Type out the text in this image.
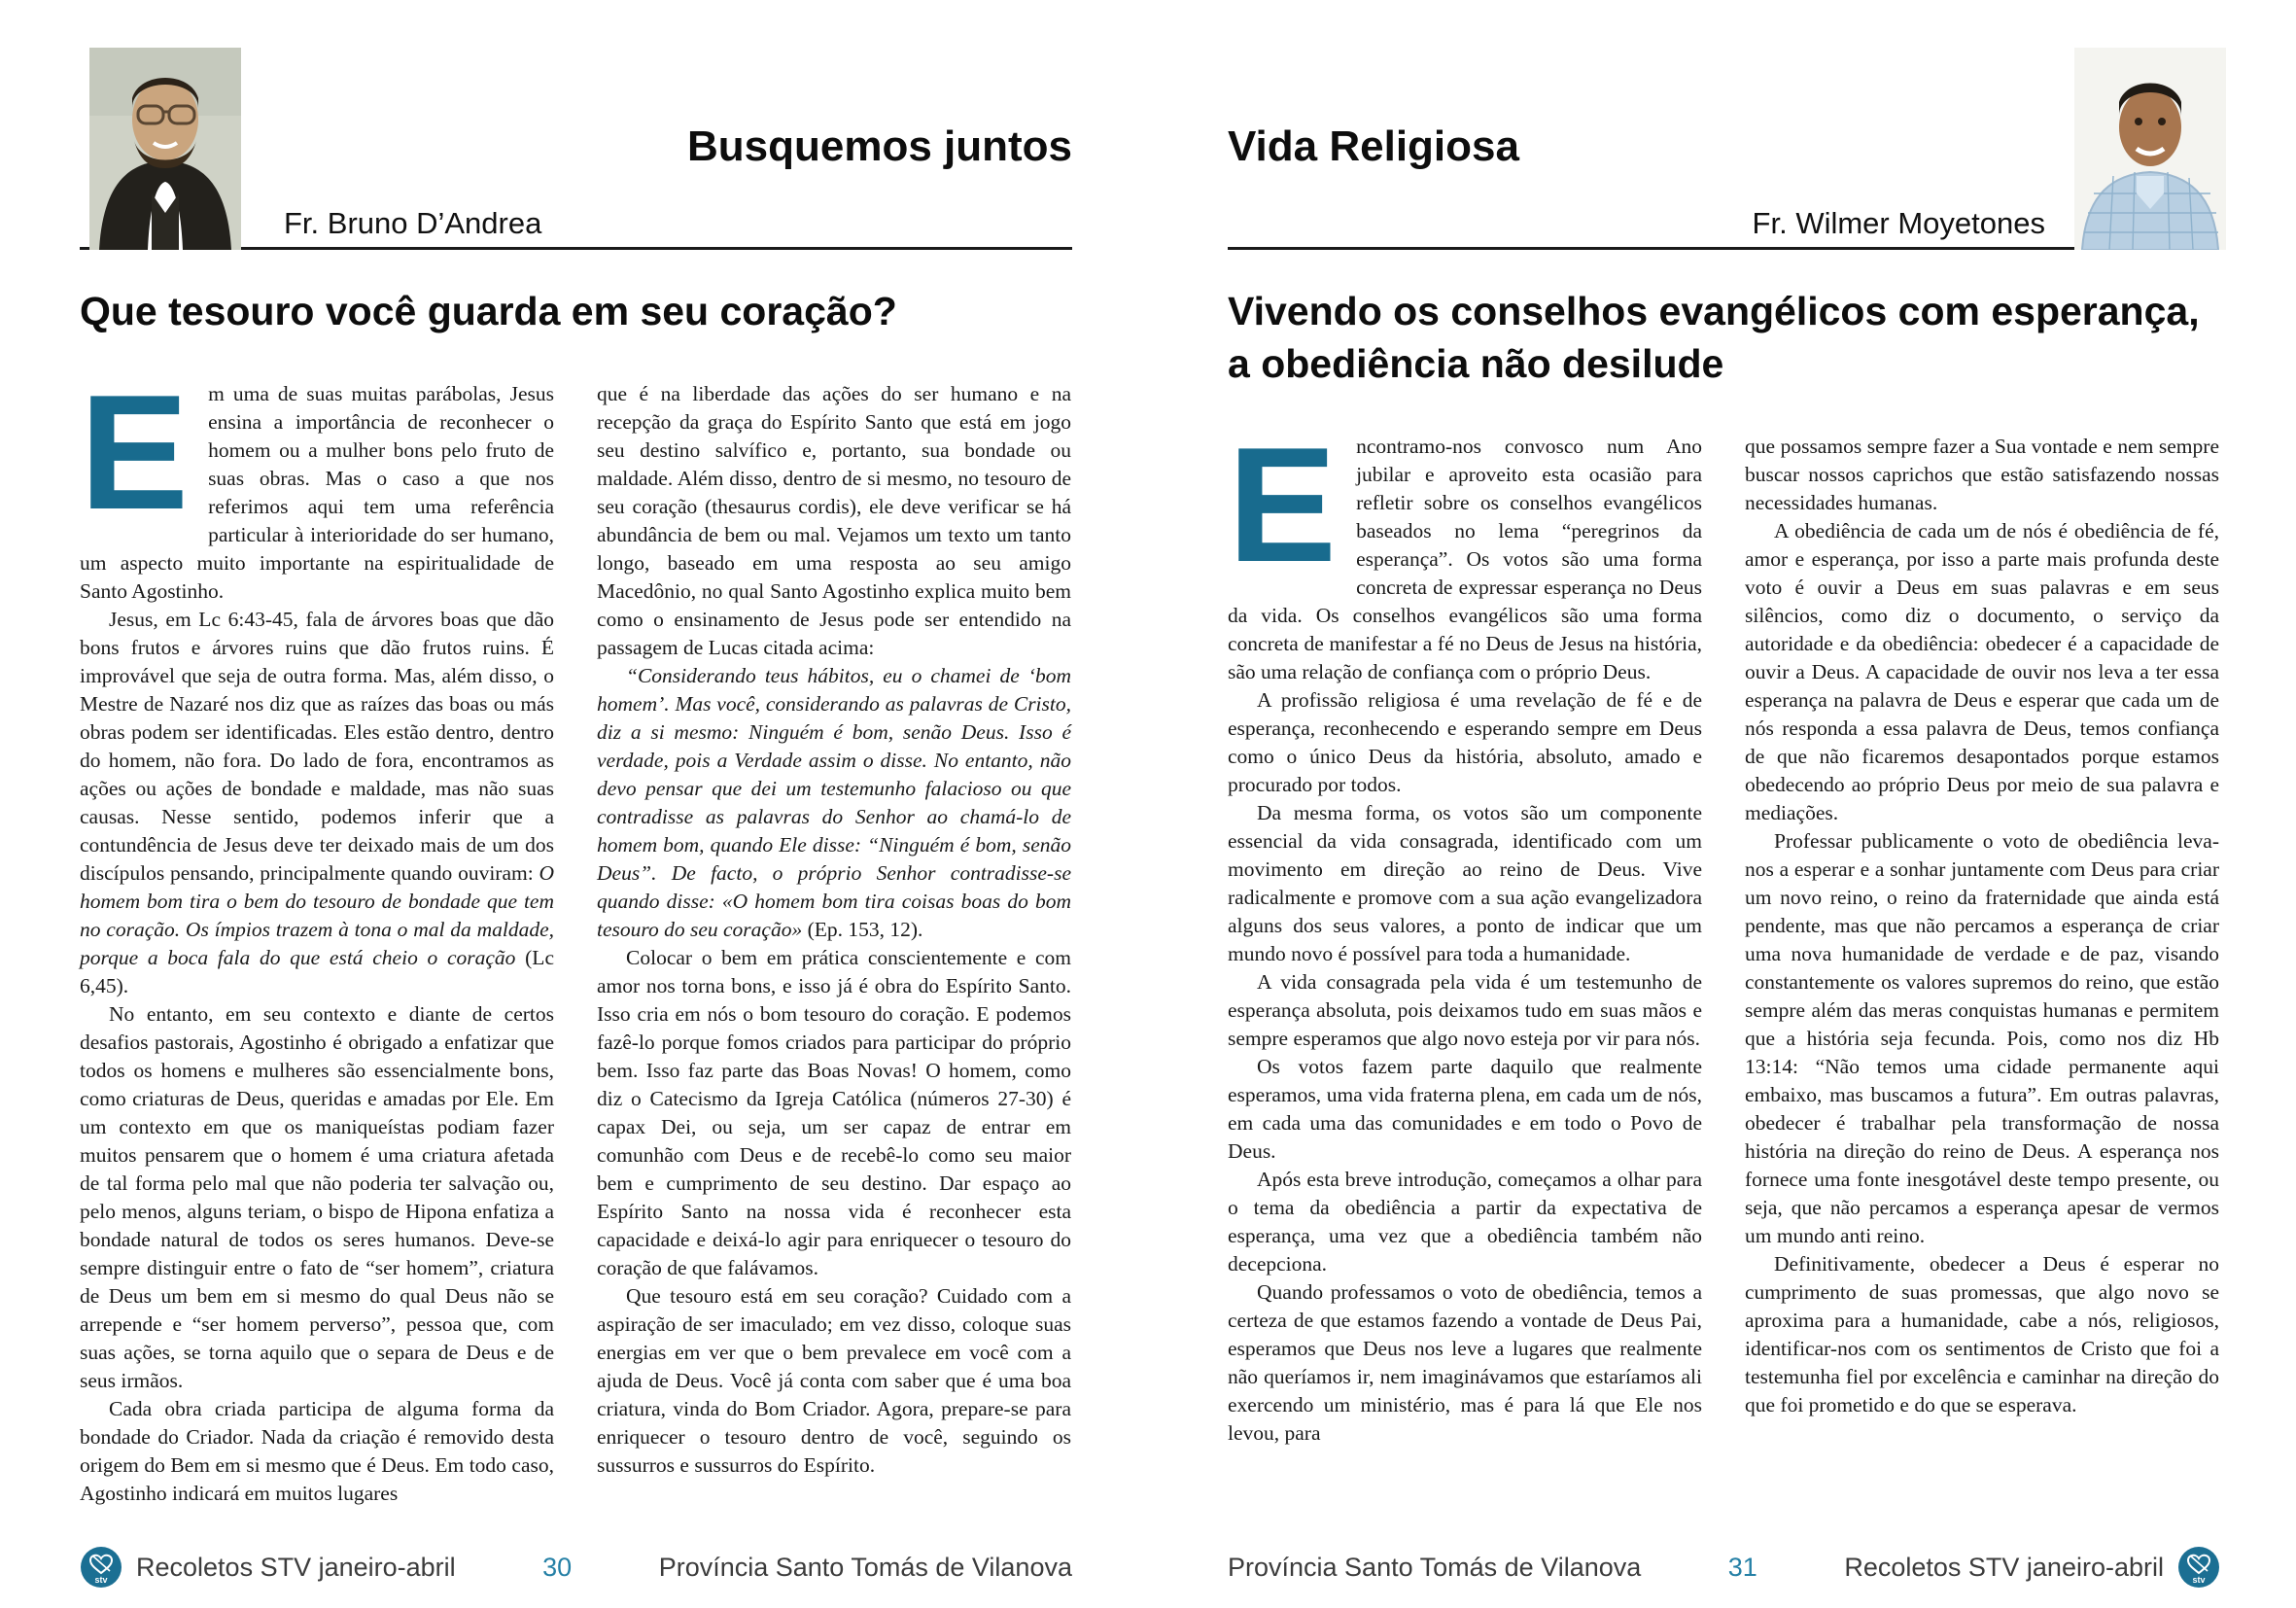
Busquemos juntos
Fr. Bruno D’Andrea
Que tesouro você guarda em seu coração?

Em uma de suas muitas parábolas, Jesus ensina a importância de reconhecer o homem ou a mulher bons pelo fruto de suas obras. Mas o caso a que nos referimos aqui tem uma referência particular à interioridade do ser humano, um aspecto muito importante na espiritualidade de Santo Agostinho.

Jesus, em Lc 6:43-45, fala de árvores boas que dão bons frutos e árvores ruins que dão frutos ruins. É improvável que seja de outra forma. Mas, além disso, o Mestre de Nazaré nos diz que as raízes das boas ou más obras podem ser identificadas. Eles estão dentro, dentro do homem, não fora. Do lado de fora, encontramos as ações ou ações de bondade e maldade, mas não suas causas. Nesse sentido, podemos inferir que a contundência de Jesus deve ter deixado mais de um dos discípulos pensando, principalmente quando ouviram: O homem bom tira o bem do tesouro de bondade que tem no coração. Os ímpios trazem à tona o mal da maldade, porque a boca fala do que está cheio o coração (Lc 6,45).

No entanto, em seu contexto e diante de certos desafios pastorais, Agostinho é obrigado a enfatizar que todos os homens e mulheres são essencialmente bons, como criaturas de Deus, queridas e amadas por Ele. Em um contexto em que os maniqueístas podiam fazer muitos pensarem que o homem é uma criatura afetada de tal forma pelo mal que não poderia ter salvação ou, pelo menos, alguns teriam, o bispo de Hipona enfatiza a bondade natural de todos os seres humanos. Deve-se sempre distinguir entre o fato de “ser homem”, criatura de Deus um bem em si mesmo do qual Deus não se arrepende e “ser homem perverso”, pessoa que, com suas ações, se torna aquilo que o separa de Deus e de seus irmãos.

Cada obra criada participa de alguma forma da bondade do Criador. Nada da criação é removido desta origem do Bem em si mesmo que é Deus. Em todo caso, Agostinho indicará em muitos lugares

que é na liberdade das ações do ser humano e na recepção da graça do Espírito Santo que está em jogo seu destino salvífico e, portanto, sua bondade ou maldade. Além disso, dentro de si mesmo, no tesouro de seu coração (thesaurus cordis), ele deve verificar se há abundância de bem ou mal. Vejamos um texto um tanto longo, baseado em uma resposta ao seu amigo Macedônio, no qual Santo Agostinho explica muito bem como o ensinamento de Jesus pode ser entendido na passagem de Lucas citada acima:

“Considerando teus hábitos, eu o chamei de ‘bom homem’. Mas você, considerando as palavras de Cristo, diz a si mesmo: Ninguém é bom, senão Deus. Isso é verdade, pois a Verdade assim o disse. No entanto, não devo pensar que dei um testemunho falacioso ou que contradisse as palavras do Senhor ao chamá-lo de homem bom, quando Ele disse: “Ninguém é bom, senão Deus”. De facto, o próprio Senhor contradisse-se quando disse: «O homem bom tira coisas boas do bom tesouro do seu coração» (Ep. 153, 12).

Colocar o bem em prática conscientemente e com amor nos torna bons, e isso já é obra do Espírito Santo. Isso cria em nós o bom tesouro do coração. E podemos fazê-lo porque fomos criados para participar do próprio bem. Isso faz parte das Boas Novas! O homem, como diz o Catecismo da Igreja Católica (números 27-30) é capax Dei, ou seja, um ser capaz de entrar em comunhão com Deus e de recebê-lo como seu maior bem e cumprimento de seu destino. Dar espaço ao Espírito Santo na nossa vida é reconhecer esta capacidade e deixá-lo agir para enriquecer o tesouro do coração de que falávamos.

Que tesouro está em seu coração? Cuidado com a aspiração de ser imaculado; em vez disso, coloque suas energias em ver que o bem prevalece em você com a ajuda de Deus. Você já conta com saber que é uma boa criatura, vinda do Bom Criador. Agora, prepare-se para enriquecer o tesouro dentro de você, seguindo os sussurros e sussurros do Espírito.

stv Recoletos STV janeiro-abril	30	Província Santo Tomás de Vilanova
Vida Religiosa
Fr. Wilmer Moyetones
Vivendo os conselhos evangélicos com esperança, a obediência não desilude

Encontramo-nos convosco num Ano jubilar e aproveito esta ocasião para refletir sobre os conselhos evangélicos baseados no lema “peregrinos da esperança”. Os votos são uma forma concreta de expressar esperança no Deus da vida. Os conselhos evangélicos são uma forma concreta de manifestar a fé no Deus de Jesus na história, são uma relação de confiança com o próprio Deus.

A profissão religiosa é uma revelação de fé e de esperança, reconhecendo e esperando sempre em Deus como o único Deus da história, absoluto, amado e procurado por todos.

Da mesma forma, os votos são um componente essencial da vida consagrada, identificado com um movimento em direção ao reino de Deus. Vive radicalmente e promove com a sua ação evangelizadora alguns dos seus valores, a ponto de indicar que um mundo novo é possível para toda a humanidade.

A vida consagrada pela vida é um testemunho de esperança absoluta, pois deixamos tudo em suas mãos e sempre esperamos que algo novo esteja por vir para nós.

Os votos fazem parte daquilo que realmente esperamos, uma vida fraterna plena, em cada um de nós, em cada uma das comunidades e em todo o Povo de Deus.

Após esta breve introdução, começamos a olhar para o tema da obediência a partir da expectativa de esperança, uma vez que a obediência também não decepciona.

Quando professamos o voto de obediência, temos a certeza de que estamos fazendo a vontade de Deus Pai, esperamos que Deus nos leve a lugares que realmente não queríamos ir, nem imaginávamos que estaríamos ali exercendo um ministério, mas é para lá que Ele nos levou, para

que possamos sempre fazer a Sua vontade e nem sempre buscar nossos caprichos que estão satisfazendo nossas necessidades humanas.

A obediência de cada um de nós é obediência de fé, amor e esperança, por isso a parte mais profunda deste voto é ouvir a Deus em suas palavras e em seus silêncios, como diz o documento, o serviço da autoridade e da obediência: obedecer é a capacidade de ouvir a Deus. A capacidade de ouvir nos leva a ter essa esperança na palavra de Deus e esperar que cada um de nós responda a essa palavra de Deus, temos confiança de que não ficaremos desapontados porque estamos obedecendo ao próprio Deus por meio de sua palavra e mediações.

Professar publicamente o voto de obediência leva-nos a esperar e a sonhar juntamente com Deus para criar um novo reino, o reino da fraternidade que ainda está pendente, mas que não percamos a esperança de criar uma nova humanidade de verdade e de paz, visando constantemente os valores supremos do reino, que estão sempre além das meras conquistas humanas e permitem que a história seja fecunda. Pois, como nos diz Hb 13:14: “Não temos uma cidade permanente aqui embaixo, mas buscamos a futura”. Em outras palavras, obedecer é trabalhar pela transformação de nossa história na direção do reino de Deus. A esperança nos fornece uma fonte inesgotável deste tempo presente, ou seja, que não percamos a esperança apesar de vermos um mundo anti reino.

Definitivamente, obedecer a Deus é esperar no cumprimento de suas promessas, que algo novo se aproxima para a humanidade, cabe a nós, religiosos, identificar-nos com os sentimentos de Cristo que foi a testemunha fiel por excelência e caminhar na direção do que foi prometido e do que se esperava.

Província Santo Tomás de Vilanova	31	Recoletos STV janeiro-abril	stv
